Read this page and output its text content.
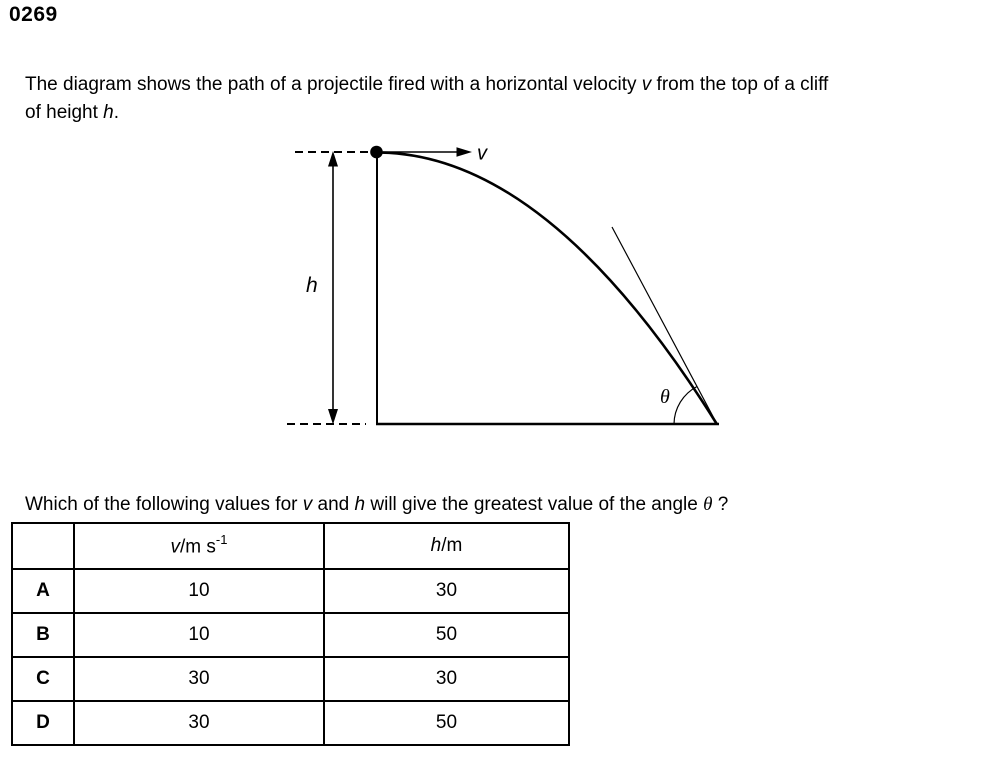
0269

The diagram shows the path of a projectile fired with a horizontal velocity v from the top of a cliff
of height h.

v
h
θ

Which of the following values for v and h will give the greatest value of the angle θ ?

	v/m $s^{-1}$	h/m
A	10	30
B	10	50
C	30	30
D	30	50
